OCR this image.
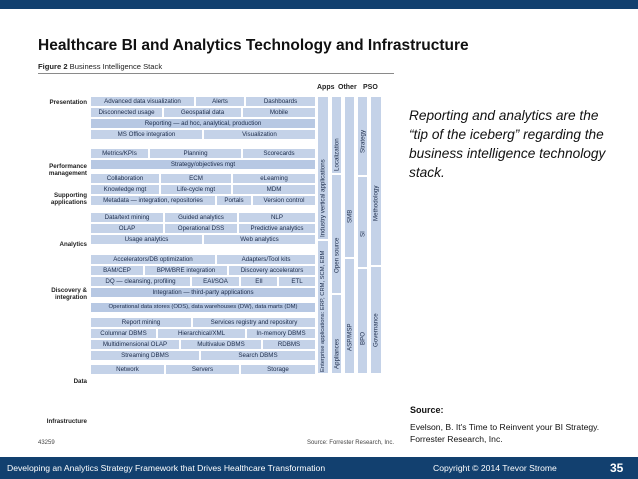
Healthcare BI and Analytics Technology and Infrastructure
Figure 2 Business Intelligence Stack
Apps Other PSO
Presentation
Performance management
Supporting applications
Analytics
Discovery & integration
Data
Infrastructure
Advanced data visualization	Alerts	Dashboards
Disconnected usage	Geospatial data	Mobile
Reporting — ad hoc, analytical, production
MS Office integration	Visualization
Metrics/KPIs	Planning	Scorecards
Strategy/objectives mgt
Collaboration	ECM	eLearning
Knowledge mgt	Life-cycle mgt	MDM
Metadata — integration, repositories	Portals	Version control
Data/text mining	Guided analytics	NLP
OLAP	Operational DSS	Predictive analytics
Usage analytics	Web analytics
Accelerators/DB optimization	Adapters/Tool kits
BAM/CEP	BPM/BRE integration	Discovery accelerators
DQ — cleansing, profiling	EAI/SOA	EII	ETL
Integration — third-party applications
Operational data stores (ODS), data warehouses (DW), data marts (DM)
Report mining	Services registry and repository
Columnar DBMS	Hierarchical/XML	In-memory DBMS
Multidimensional OLAP	Multivalue DBMS	RDBMS
Streaming DBMS	Search DBMS
Network	Servers	Storage
Industry vertical applications
Enterprise applications: ERP, CRM, SCM, EBM
Localization
Open source
Appliances
SMB
ASP/MSP
Strategy
SI
BPO
Methodology
Governance
43259	Source: Forrester Research, Inc.
Reporting and analytics are the “tip of the iceberg” regarding the business intelligence technology stack.
Source:
Evelson, B. It's Time to Reinvent your BI Strategy. Forrester Research, Inc.
Developing an Analytics Strategy Framework that Drives Healthcare Transformation	Copyright © 2014 Trevor Strome	35
